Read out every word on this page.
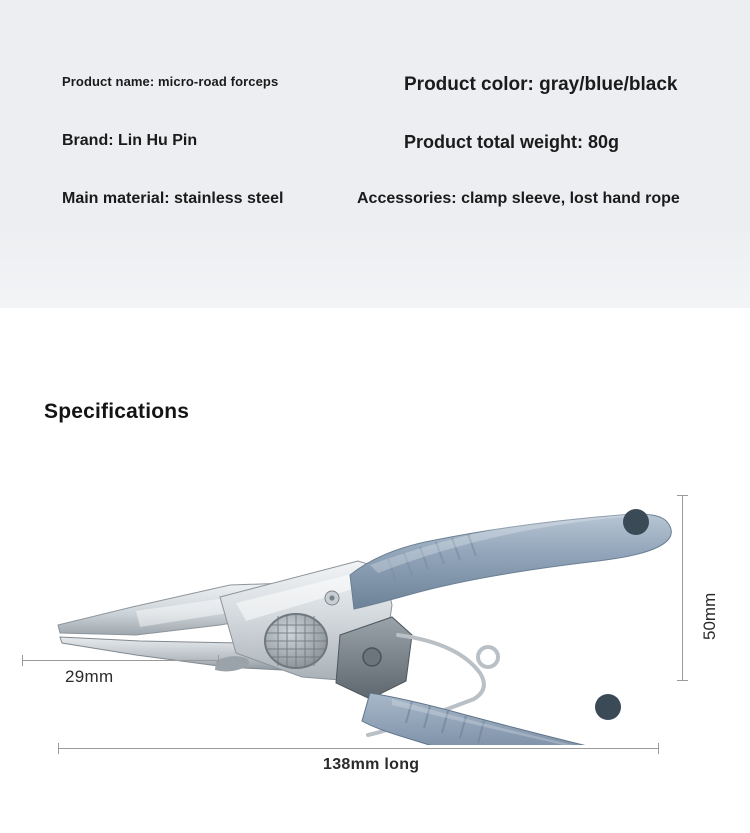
Product name: micro-road forceps	Product color: gray/blue/black
Brand: Lin Hu Pin	Product total weight: 80g
Main material: stainless steel	Accessories: clamp sleeve, lost hand rope
Specifications
29mm
50mm
138mm long
